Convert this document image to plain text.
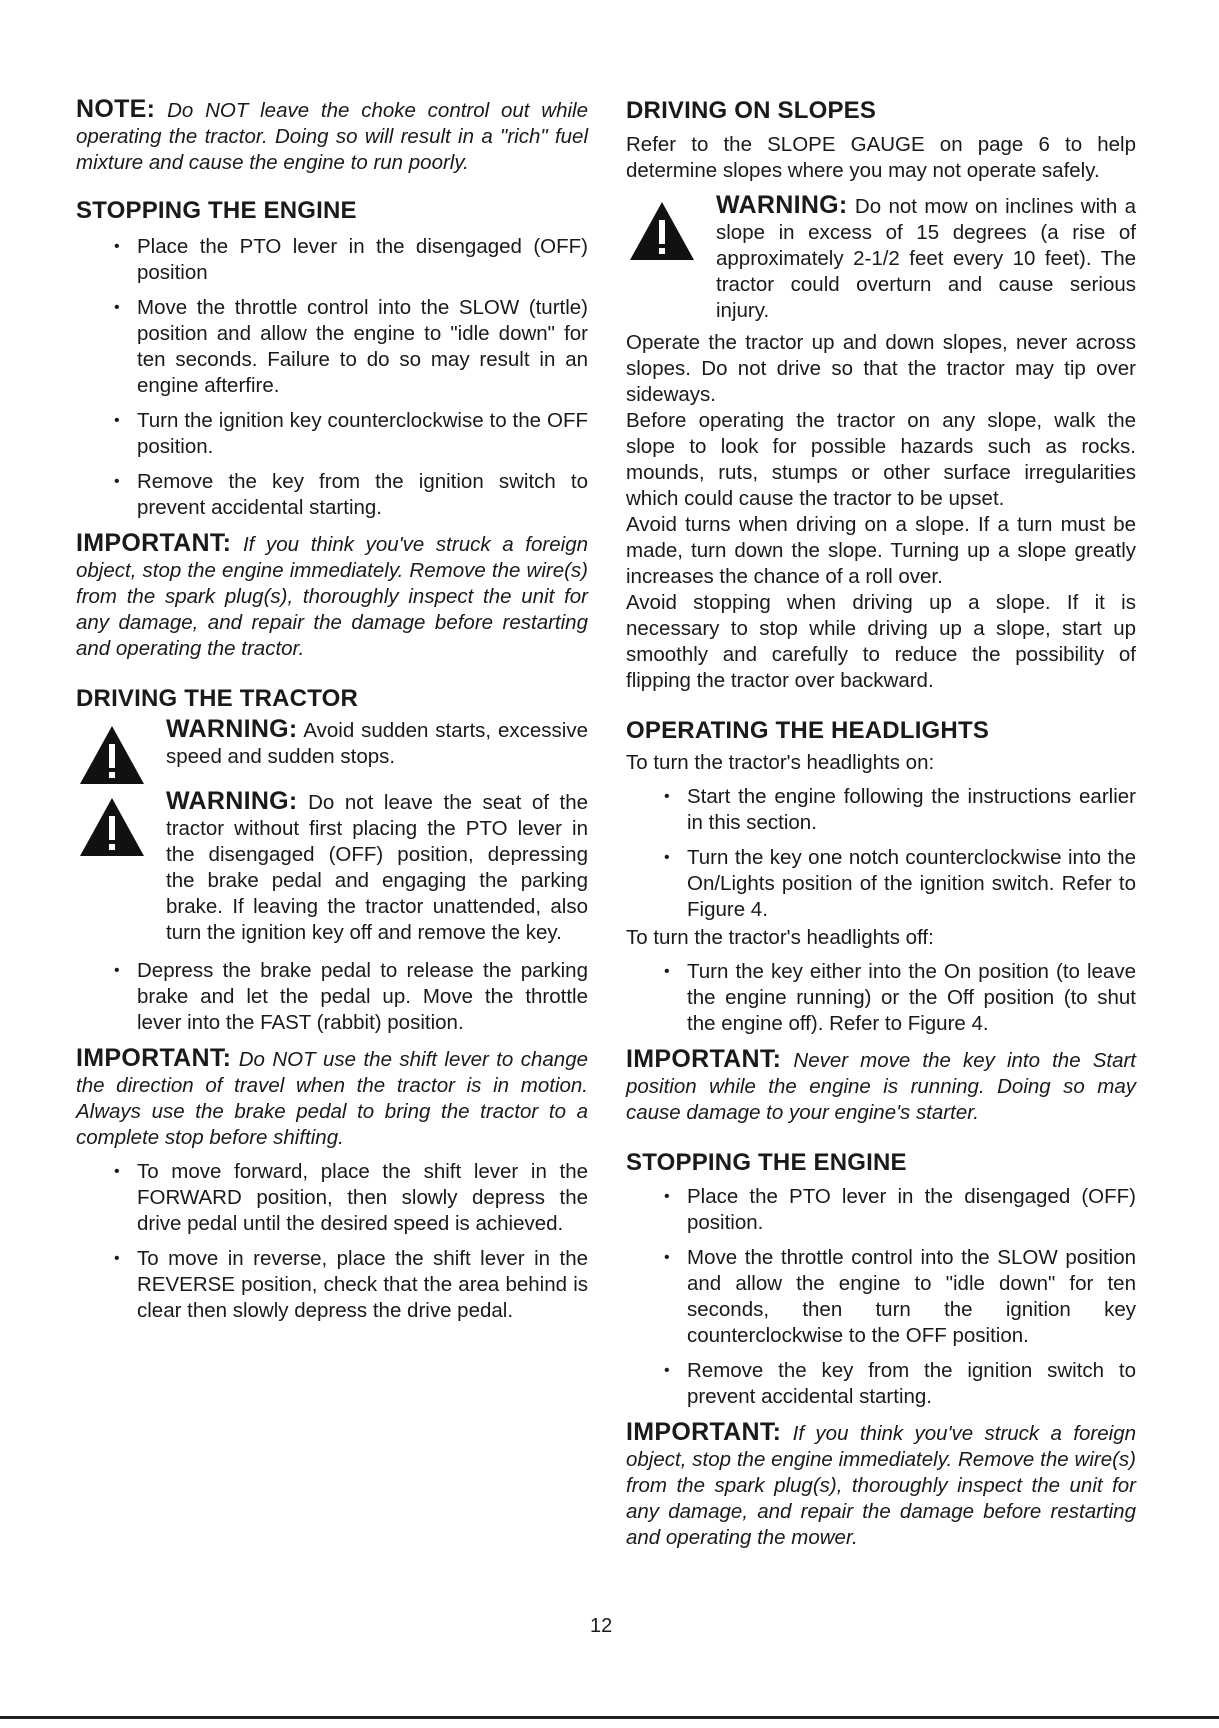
NOTE: Do NOT leave the choke control out while operating the tractor. Doing so will result in a "rich" fuel mixture and cause the engine to run poorly.

STOPPING THE ENGINE
• Place the PTO lever in the disengaged (OFF) position
• Move the throttle control into the SLOW (turtle) position and allow the engine to "idle down" for ten seconds. Failure to do so may result in an engine afterfire.
• Turn the ignition key counterclockwise to the OFF position.
• Remove the key from the ignition switch to prevent accidental starting.

IMPORTANT: If you think you've struck a foreign object, stop the engine immediately. Remove the wire(s) from the spark plug(s), thoroughly inspect the unit for any damage, and repair the damage before restarting and operating the tractor.

DRIVING THE TRACTOR
WARNING: Avoid sudden starts, excessive speed and sudden stops.
WARNING: Do not leave the seat of the tractor without first placing the PTO lever in the disengaged (OFF) position, depressing the brake pedal and engaging the parking brake. If leaving the tractor unattended, also turn the ignition key off and remove the key.
• Depress the brake pedal to release the parking brake and let the pedal up. Move the throttle lever into the FAST (rabbit) position.

IMPORTANT: Do NOT use the shift lever to change the direction of travel when the tractor is in motion. Always use the brake pedal to bring the tractor to a complete stop before shifting.

• To move forward, place the shift lever in the FORWARD position, then slowly depress the drive pedal until the desired speed is achieved.
• To move in reverse, place the shift lever in the REVERSE position, check that the area behind is clear then slowly depress the drive pedal.
DRIVING ON SLOPES

Refer to the SLOPE GAUGE on page 6 to help determine slopes where you may not operate safely.

WARNING: Do not mow on inclines with a slope in excess of 15 degrees (a rise of approximately 2-1/2 feet every 10 feet). The tractor could overturn and cause serious injury.

Operate the tractor up and down slopes, never across slopes. Do not drive so that the tractor may tip over sideways.

Before operating the tractor on any slope, walk the slope to look for possible hazards such as rocks. mounds, ruts, stumps or other surface irregularities which could cause the tractor to be upset.

Avoid turns when driving on a slope. If a turn must be made, turn down the slope. Turning up a slope greatly increases the chance of a roll over.

Avoid stopping when driving up a slope. If it is necessary to stop while driving up a slope, start up smoothly and carefully to reduce the possibility of flipping the tractor over backward.

OPERATING THE HEADLIGHTS

To turn the tractor's headlights on:

• Start the engine following the instructions earlier in this section.
• Turn the key one notch counterclockwise into the On/Lights position of the ignition switch. Refer to Figure 4.

To turn the tractor's headlights off:

• Turn the key either into the On position (to leave the engine running) or the Off position (to shut the engine off). Refer to Figure 4.

IMPORTANT: Never move the key into the Start position while the engine is running. Doing so may cause damage to your engine's starter.

STOPPING THE ENGINE
• Place the PTO lever in the disengaged (OFF) position.
• Move the throttle control into the SLOW position and allow the engine to "idle down" for ten seconds, then turn the ignition key counterclockwise to the OFF position.
• Remove the key from the ignition switch to prevent accidental starting.

IMPORTANT: If you think you've struck a foreign object, stop the engine immediately. Remove the wire(s) from the spark plug(s), thoroughly inspect the unit for any damage, and repair the damage before restarting and operating the mower.

12
